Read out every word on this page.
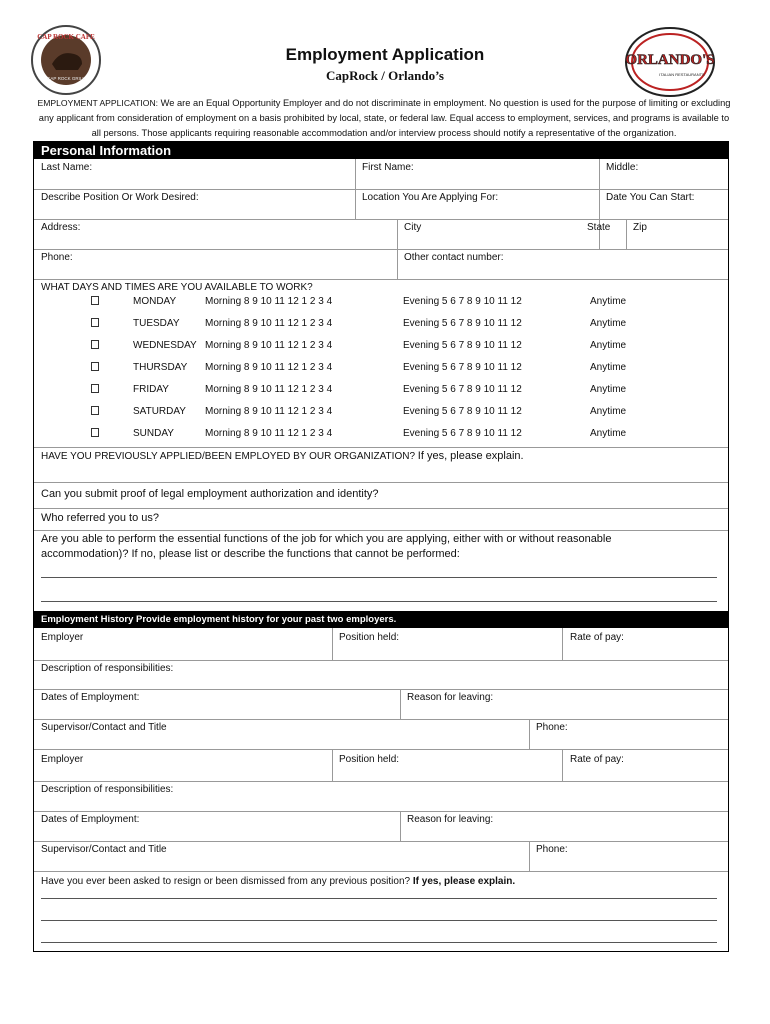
CAP ROCK CAFE
CAP ROCK GRILL
ORLANDO'S
ITALIAN RESTAURANTS
Employment Application
CapRock / Orlando’s
EMPLOYMENT APPLICATION: We are an Equal Opportunity Employer and do not discriminate in employment. No question is used for the purpose of limiting or excluding any applicant from consideration of employment on a basis prohibited by local, state, or federal law. Equal access to employment, services, and programs is available to all persons. Those applicants requiring reasonable accommodation and/or interview process should notify a representative of the organization.
Personal Information
Last Name:	First Name:	Middle:
Describe Position Or Work Desired:	Location You Are Applying For:	Date You Can Start:
Address:	City	State Zip
Phone:	Other contact number:
WHAT DAYS AND TIMES ARE YOU AVAILABLE TO WORK?
MONDAY	Morning 8 9 10 11 12 1 2 3 4	Evening 5 6 7 8 9 10 11 12	Anytime
TUESDAY	Morning 8 9 10 11 12 1 2 3 4	Evening 5 6 7 8 9 10 11 12	Anytime
WEDNESDAY Morning 8 9 10 11 12 1 2 3 4	Evening 5 6 7 8 9 10 11 12	Anytime
THURSDAY Morning 8 9 10 11 12 1 2 3 4	Evening 5 6 7 8 9 10 11 12	Anytime
FRIDAY	Morning 8 9 10 11 12 1 2 3 4	Evening 5 6 7 8 9 10 11 12	Anytime
SATURDAY Morning 8 9 10 11 12 1 2 3 4	Evening 5 6 7 8 9 10 11 12	Anytime
SUNDAY	Morning 8 9 10 11 12 1 2 3 4	Evening 5 6 7 8 9 10 11 12	Anytime
HAVE YOU PREVIOUSLY APPLIED/BEEN EMPLOYED BY OUR ORGANIZATION? If yes, please explain.
Can you submit proof of legal employment authorization and identity?
Who referred you to us?
Are you able to perform the essential functions of the job for which you are applying, either with or without reasonable
accommodation)? If no, please list or describe the functions that cannot be performed:
Employment History Provide employment history for your past two employers.
Employer	Position held:	Rate of pay:
Description of responsibilities:
Dates of Employment:	Reason for leaving:
Supervisor/Contact and Title	Phone:
Employer	Position held:	Rate of pay:
Description of responsibilities:
Dates of Employment:	Reason for leaving:
Supervisor/Contact and Title	Phone:
Have you ever been asked to resign or been dismissed from any previous position? If yes, please explain.
